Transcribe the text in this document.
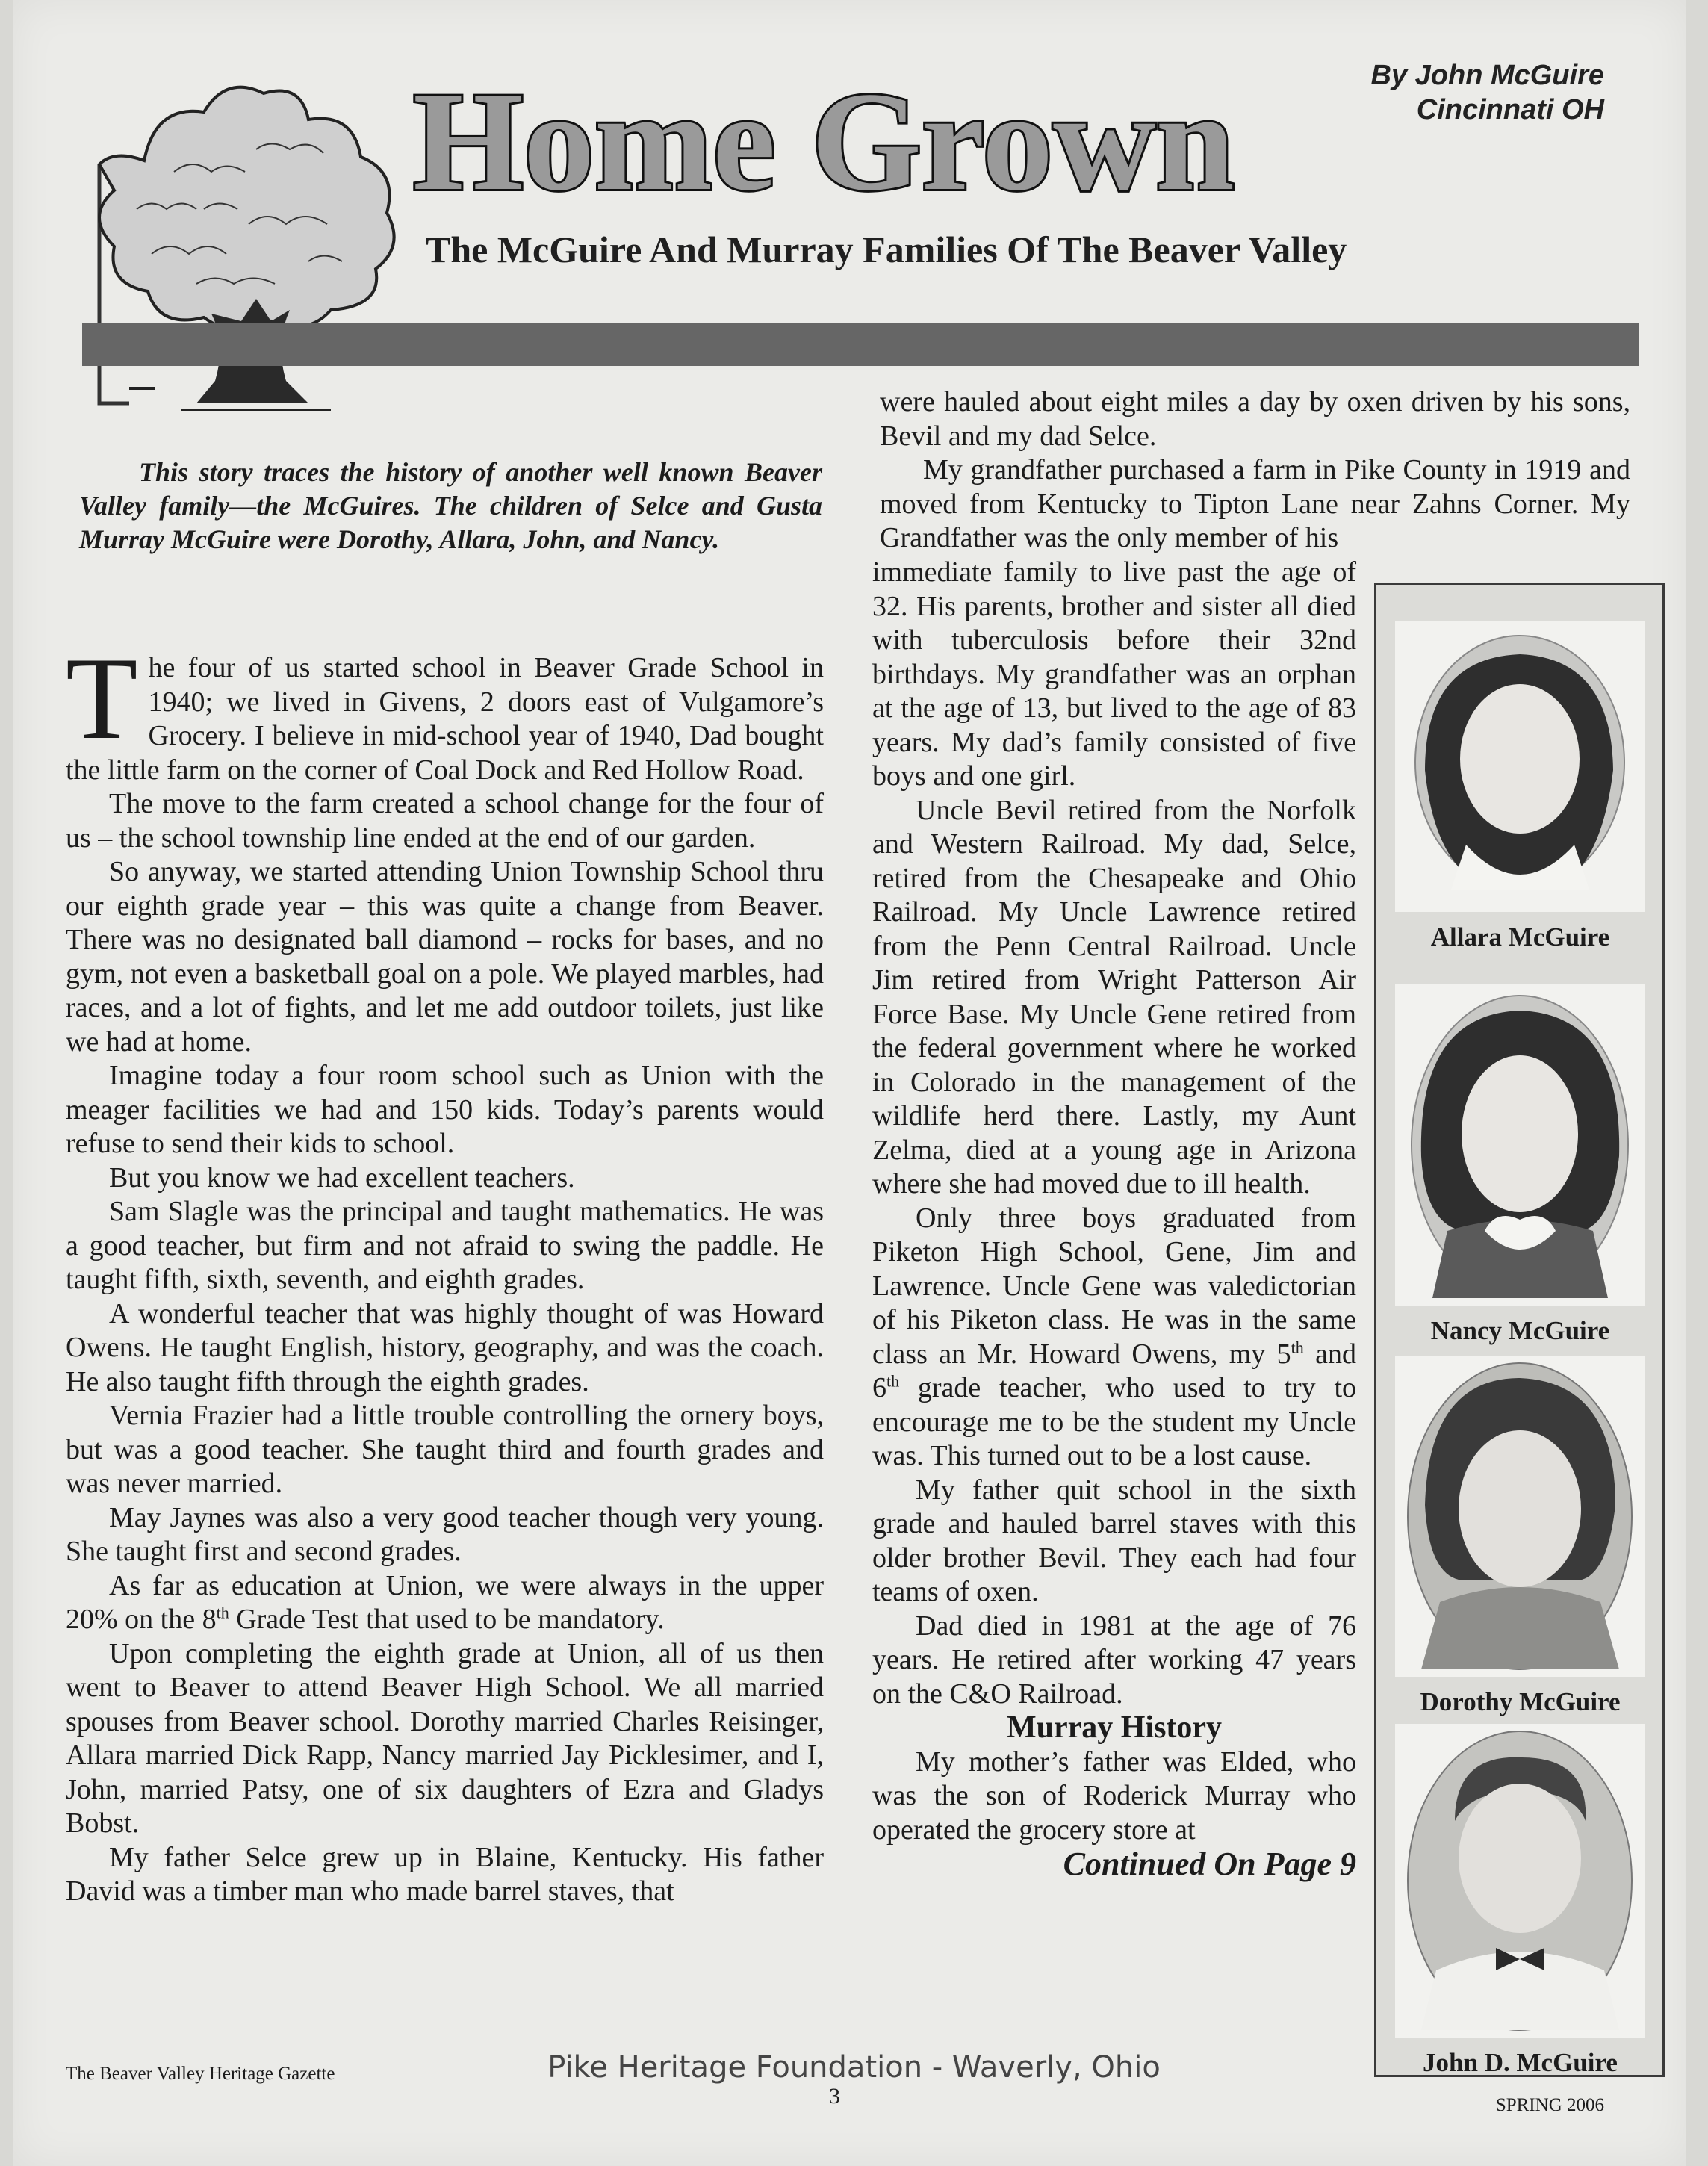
Home Grown	By John McGuire
Cincinnati OH
The McGuire And Murray Families Of The Beaver Valley
This story traces the history of another well known Beaver Valley family—the McGuires. The children of Selce and Gusta Murray McGuire were Dorothy, Allara, John, and Nancy.

The four of us started school in Beaver Grade School in 1940; we lived in Givens, 2 doors east of Vulgamore’s Grocery. I believe in mid-school year of 1940, Dad bought the little farm on the corner of Coal Dock and Red Hollow Road.

The move to the farm created a school change for the four of us – the school township line ended at the end of our garden.

So anyway, we started attending Union Township School thru our eighth grade year – this was quite a change from Beaver. There was no designated ball diamond – rocks for bases, and no gym, not even a basketball goal on a pole. We played marbles, had races, and a lot of fights, and let me add outdoor toilets, just like we had at home.

Imagine today a four room school such as Union with the meager facilities we had and 150 kids. Today’s parents would refuse to send their kids to school.

But you know we had excellent teachers.

Sam Slagle was the principal and taught mathematics. He was a good teacher, but firm and not afraid to swing the paddle. He taught fifth, sixth, seventh, and eighth grades.

A wonderful teacher that was highly thought of was Howard Owens. He taught English, history, geography, and was the coach. He also taught fifth through the eighth grades.

Vernia Frazier had a little trouble controlling the ornery boys, but was a good teacher. She taught third and fourth grades and was never married.

May Jaynes was also a very good teacher though very young. She taught first and second grades.

As far as education at Union, we were always in the upper 20% on the 8th Grade Test that used to be mandatory.

Upon completing the eighth grade at Union, all of us then went to Beaver to attend Beaver High School. We all married spouses from Beaver school. Dorothy married Charles Reisinger, Allara married Dick Rapp, Nancy married Jay Picklesimer, and I, John, married Patsy, one of six daughters of Ezra and Gladys Bobst.

My father Selce grew up in Blaine, Kentucky. His father David was a timber man who made barrel staves, that

were hauled about eight miles a day by oxen driven by his sons, Bevil and my dad Selce.

My grandfather purchased a farm in Pike County in 1919 and moved from Kentucky to Tipton Lane near Zahns Corner. My Grandfather was the only member of his

immediate family to live past the age of 32. His parents, brother and sister all died with tuberculosis before their 32nd birthdays. My grandfather was an orphan at the age of 13, but lived to the age of 83 years. My dad’s family consisted of five boys and one girl.

Uncle Bevil retired from the Norfolk and Western Railroad. My dad, Selce, retired from the Chesapeake and Ohio Railroad. My Uncle Lawrence retired from the Penn Central Railroad. Uncle Jim retired from Wright Patterson Air Force Base. My Uncle Gene retired from the federal government where he worked in Colorado in the management of the wildlife herd there. Lastly, my Aunt Zelma, died at a young age in Arizona where she had moved due to ill health.

Only three boys graduated from Piketon High School, Gene, Jim and Lawrence. Uncle Gene was valedictorian of his Piketon class. He was in the same class an Mr. Howard Owens, my 5th and 6th grade teacher, who used to try to encourage me to be the student my Uncle was. This turned out to be a lost cause.

My father quit school in the sixth grade and hauled barrel staves with this older brother Bevil. They each had four teams of oxen.

Dad died in 1981 at the age of 76 years. He retired after working 47 years on the C&O Railroad.

Murray History

My mother’s father was Elded, who was the son of Roderick Murray who operated the grocery store at

Continued On Page 9

Allara McGuire
Nancy McGuire
Dorothy McGuire
John D. McGuire
The Beaver Valley Heritage Gazette
3	SPRING 2006
Pike Heritage Foundation - Waverly, Ohio
